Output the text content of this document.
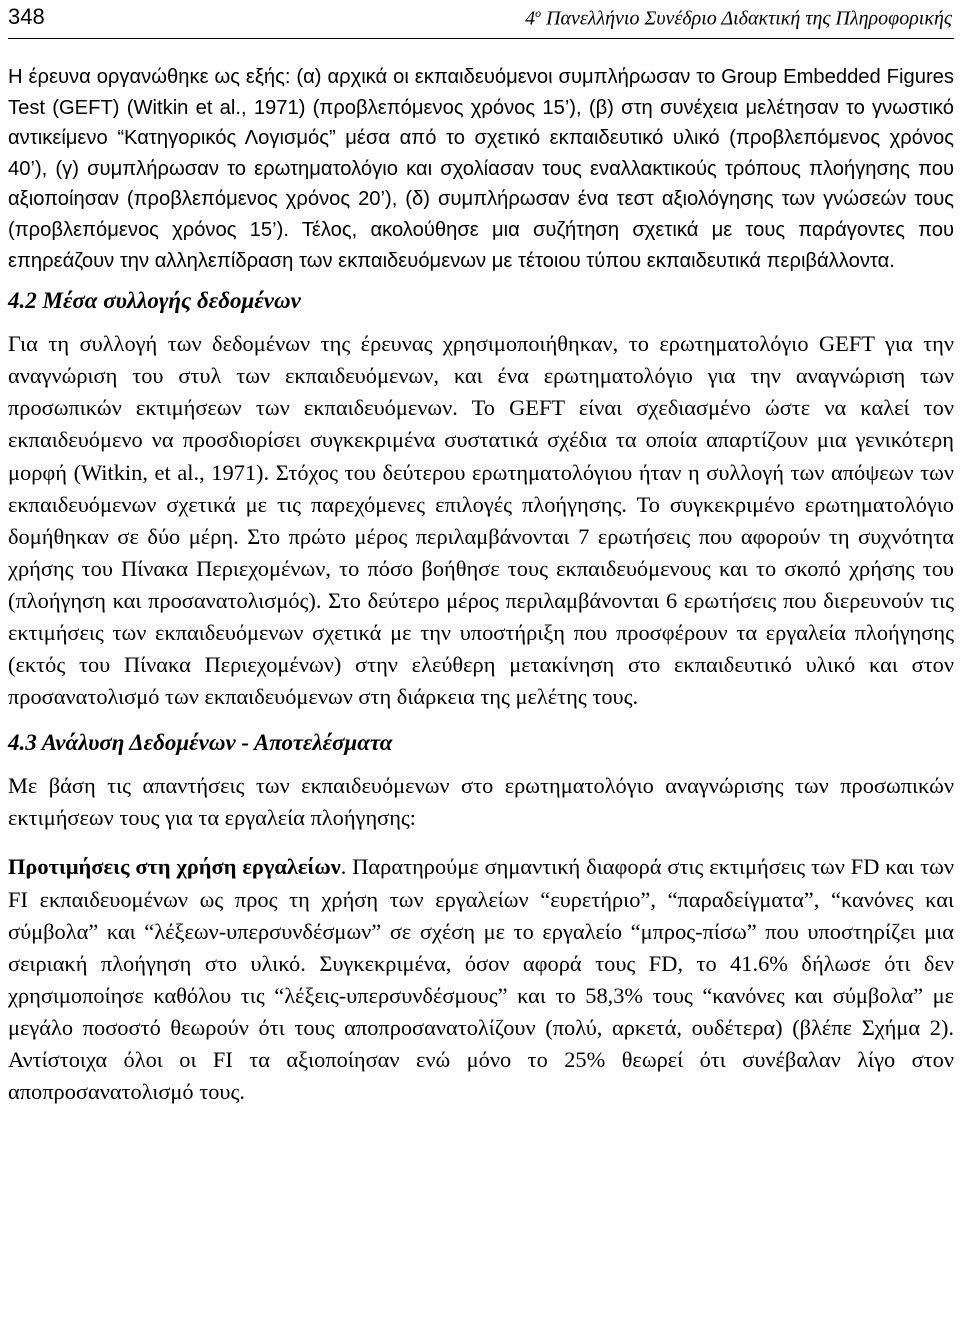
348	$4^o$ Πανελλήνιο Συνέδριο Διδακτική της Πληροφορικής

Η έρευνα οργανώθηκε ως εξής: (α) αρχικά οι εκπαιδευόμενοι συμπλήρωσαν το Group Embedded Figures Test (GEFT) (Witkin et al., 1971) (προβλεπόμενος χρόνος 15’), (β) στη συνέχεια μελέτησαν το γνωστικό αντικείμενο “Κατηγορικός Λογισμός” μέσα από το σχετικό εκπαιδευτικό υλικό (προβλεπόμενος χρόνος 40’), (γ) συμπλήρωσαν το ερωτηματολόγιο και σχολίασαν τους εναλλακτικούς τρόπους πλοήγησης που αξιοποίησαν (προβλεπόμενος χρόνος 20’), (δ) συμπλήρωσαν ένα τεστ αξιολόγησης των γνώσεών τους (προβλεπόμενος χρόνος 15’). Τέλος, ακολούθησε μια συζήτηση σχετικά με τους παράγοντες που επηρεάζουν την αλληλεπίδραση των εκπαιδευόμενων με τέτοιου τύπου εκπαιδευτικά περιβάλλοντα.

4.2 Μέσα συλλογής δεδομένων

Για τη συλλογή των δεδομένων της έρευνας χρησιμοποιήθηκαν, το ερωτηματολόγιο GEFT για την αναγνώριση του στυλ των εκπαιδευόμενων, και ένα ερωτηματολόγιο για την αναγνώριση των προσωπικών εκτιμήσεων των εκπαιδευόμενων. Το GEFT είναι σχεδιασμένο ώστε να καλεί τον εκπαιδευόμενο να προσδιορίσει συγκεκριμένα συστατικά σχέδια τα οποία απαρτίζουν μια γενικότερη μορφή (Witkin, et al., 1971). Στόχος του δεύτερου ερωτηματολόγιου ήταν η συλλογή των απόψεων των εκπαιδευόμενων σχετικά με τις παρεχόμενες επιλογές πλοήγησης. Το συγκεκριμένο ερωτηματολόγιο δομήθηκαν σε δύο μέρη. Στο πρώτο μέρος περιλαμβάνονται 7 ερωτήσεις που αφορούν τη συχνότητα χρήσης του Πίνακα Περιεχομένων, το πόσο βοήθησε τους εκπαιδευόμενους και το σκοπό χρήσης του (πλοήγηση και προσανατολισμός). Στο δεύτερο μέρος περιλαμβάνονται 6 ερωτήσεις που διερευνούν τις εκτιμήσεις των εκπαιδευόμενων σχετικά με την υποστήριξη που προσφέρουν τα εργαλεία πλοήγησης (εκτός του Πίνακα Περιεχομένων) στην ελεύθερη μετακίνηση στο εκπαιδευτικό υλικό και στον προσανατολισμό των εκπαιδευόμενων στη διάρκεια της μελέτης τους.

4.3 Ανάλυση Δεδομένων - Αποτελέσματα

Με βάση τις απαντήσεις των εκπαιδευόμενων στο ερωτηματολόγιο αναγνώρισης των προσωπικών εκτιμήσεων τους για τα εργαλεία πλοήγησης:

Προτιμήσεις στη χρήση εργαλείων. Παρατηρούμε σημαντική διαφορά στις εκτιμήσεις των FD και των FI εκπαιδευομένων ως προς τη χρήση των εργαλείων “ευρετήριο”, “παραδείγματα”, “κανόνες και σύμβολα” και “λέξεων-υπερσυνδέσμων” σε σχέση με το εργαλείο “μπρος-πίσω” που υποστηρίζει μια σειριακή πλοήγηση στο υλικό. Συγκεκριμένα, όσον αφορά τους FD, το 41.6% δήλωσε ότι δεν χρησιμοποίησε καθόλου τις “λέξεις-υπερσυνδέσμους” και το 58,3% τους “κανόνες και σύμβολα” με μεγάλο ποσοστό θεωρούν ότι τους αποπροσανατολίζουν (πολύ, αρκετά, ουδέτερα) (βλέπε Σχήμα 2). Αντίστοιχα όλοι οι FI τα αξιοποίησαν ενώ μόνο το 25% θεωρεί ότι συνέβαλαν λίγο στον αποπροσανατολισμό τους.
